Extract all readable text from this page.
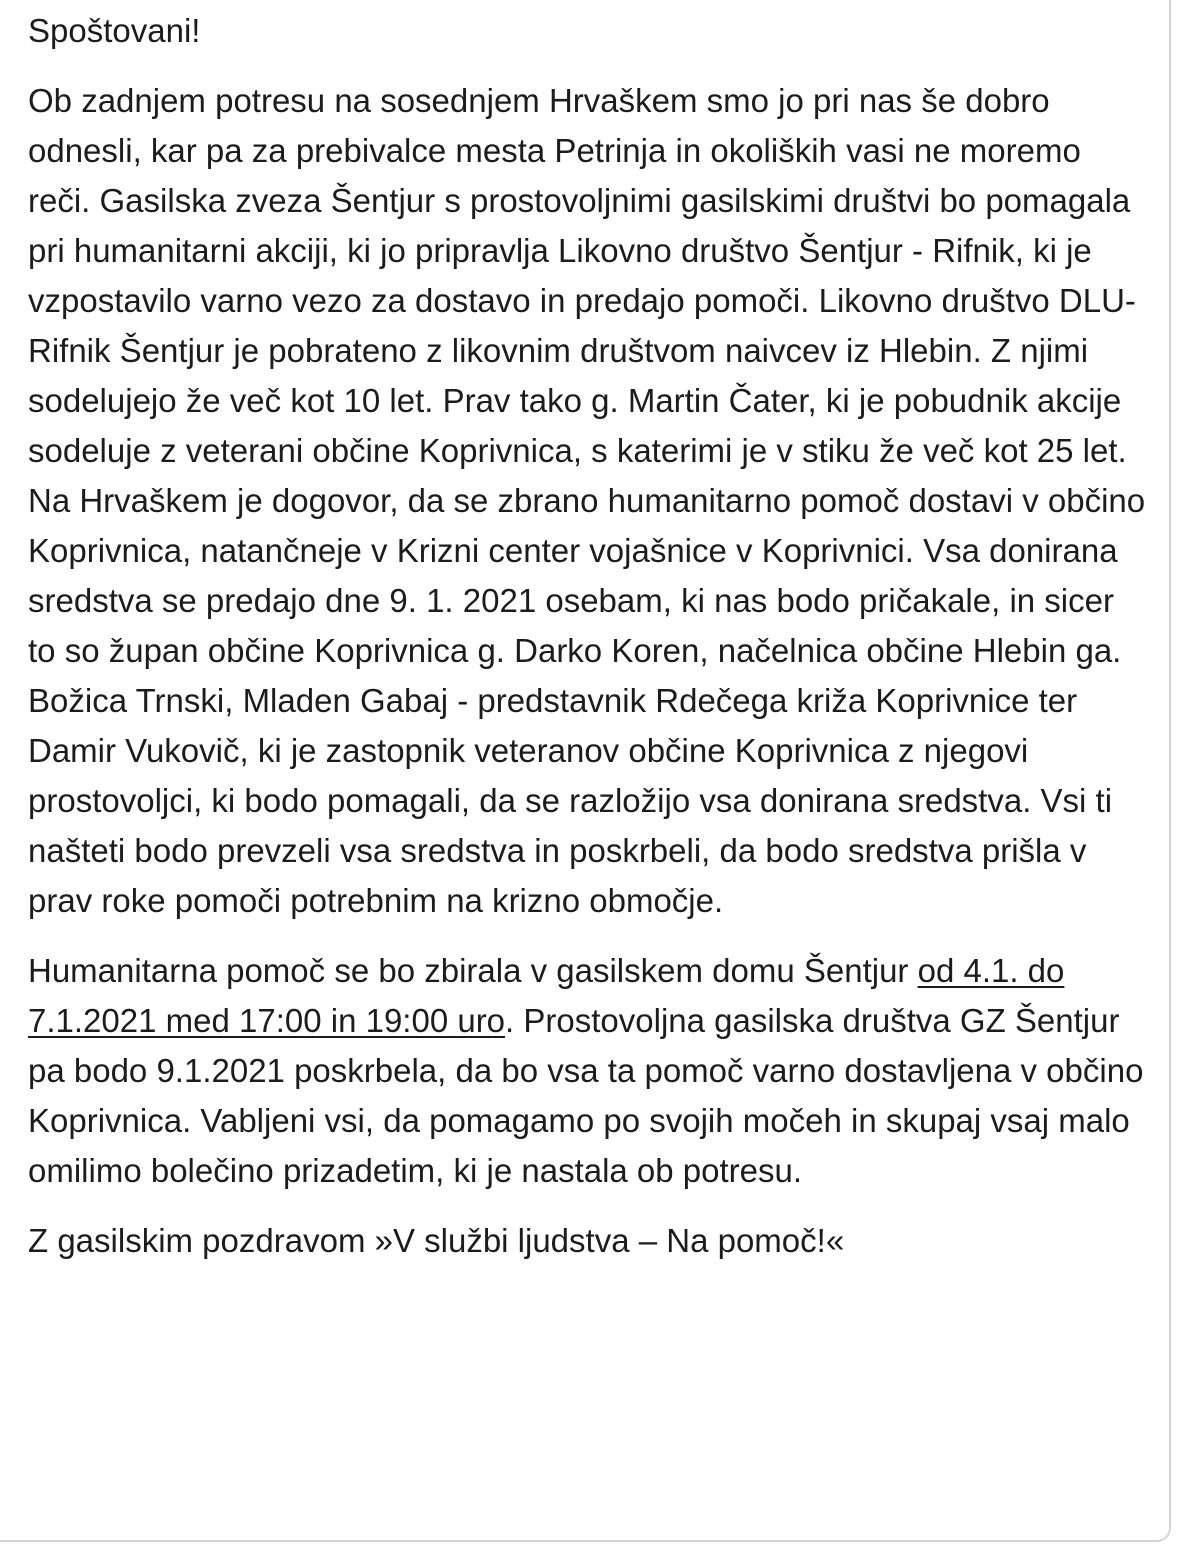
Spoštovani!

Ob zadnjem potresu na sosednjem Hrvaškem smo jo pri nas še dobro odnesli, kar pa za prebivalce mesta Petrinja in okoliških vasi ne moremo reči. Gasilska zveza Šentjur s prostovoljnimi gasilskimi društvi bo pomagala pri humanitarni akciji, ki jo pripravlja Likovno društvo Šentjur - Rifnik, ki je vzpostavilo varno vezo za dostavo in predajo pomoči. Likovno društvo DLU-Rifnik Šentjur je pobrateno z likovnim društvom naivcev iz Hlebin. Z njimi sodelujejo že več kot 10 let. Prav tako g. Martin Čater, ki je pobudnik akcije sodeluje z veterani občine Koprivnica, s katerimi je v stiku že več kot 25 let. Na Hrvaškem je dogovor, da se zbrano humanitarno pomoč dostavi v občino Koprivnica, natančneje v Krizni center vojašnice v Koprivnici. Vsa donirana sredstva se predajo dne 9. 1. 2021 osebam, ki nas bodo pričakale, in sicer to so župan občine Koprivnica g. Darko Koren, načelnica občine Hlebin ga. Božica Trnski, Mladen Gabaj - predstavnik Rdečega križa Koprivnice ter Damir Vukovič, ki je zastopnik veteranov občine Koprivnica z njegovi prostovoljci, ki bodo pomagali, da se razložijo vsa donirana sredstva. Vsi ti našteti bodo prevzeli vsa sredstva in poskrbeli, da bodo sredstva prišla v prav roke pomoči potrebnim na krizno območje.

Humanitarna pomoč se bo zbirala v gasilskem domu Šentjur od 4.1. do 7.1.2021 med 17:00 in 19:00 uro. Prostovoljna gasilska društva GZ Šentjur pa bodo 9.1.2021 poskrbela, da bo vsa ta pomoč varno dostavljena v občino Koprivnica. Vabljeni vsi, da pomagamo po svojih močeh in skupaj vsaj malo omilimo bolečino prizadetim, ki je nastala ob potresu.

Z gasilskim pozdravom »V službi ljudstva – Na pomoč!«
